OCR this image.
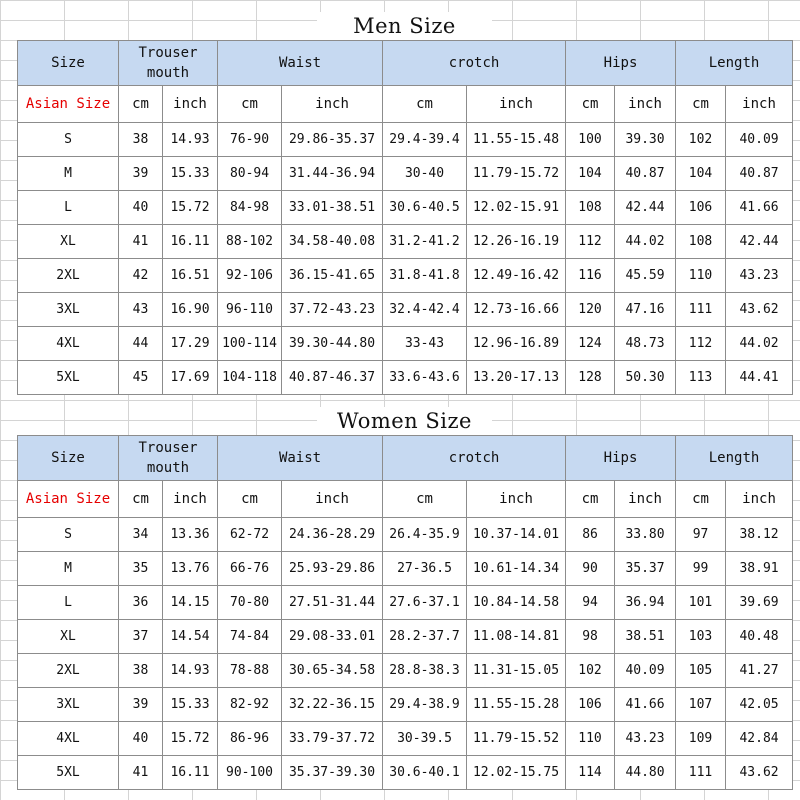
Men Size
Size	Trouser mouth		Waist		crotch		Hips		Length	
Asian Size	cm	inch	cm	inch	cm	inch	cm	inch	cm	inch
S	38	14.93	76-90	29.86-35.37	29.4-39.4	11.55-15.48	100	39.30	102	40.09
M	39	15.33	80-94	31.44-36.94	30-40	11.79-15.72	104	40.87	104	40.87
L	40	15.72	84-98	33.01-38.51	30.6-40.5	12.02-15.91	108	42.44	106	41.66
XL	41	16.11	88-102	34.58-40.08	31.2-41.2	12.26-16.19	112	44.02	108	42.44
2XL	42	16.51	92-106	36.15-41.65	31.8-41.8	12.49-16.42	116	45.59	110	43.23
3XL	43	16.90	96-110	37.72-43.23	32.4-42.4	12.73-16.66	120	47.16	111	43.62
4XL	44	17.29	100-114	39.30-44.80	33-43	12.96-16.89	124	48.73	112	44.02
5XL	45	17.69	104-118	40.87-46.37	33.6-43.6	13.20-17.13	128	50.30	113	44.41
Women Size
Size	Trouser mouth		Waist		crotch		Hips		Length	
Asian Size	cm	inch	cm	inch	cm	inch	cm	inch	cm	inch
S	34	13.36	62-72	24.36-28.29	26.4-35.9	10.37-14.01	86	33.80	97	38.12
M	35	13.76	66-76	25.93-29.86	27-36.5	10.61-14.34	90	35.37	99	38.91
L	36	14.15	70-80	27.51-31.44	27.6-37.1	10.84-14.58	94	36.94	101	39.69
XL	37	14.54	74-84	29.08-33.01	28.2-37.7	11.08-14.81	98	38.51	103	40.48
2XL	38	14.93	78-88	30.65-34.58	28.8-38.3	11.31-15.05	102	40.09	105	41.27
3XL	39	15.33	82-92	32.22-36.15	29.4-38.9	11.55-15.28	106	41.66	107	42.05
4XL	40	15.72	86-96	33.79-37.72	30-39.5	11.79-15.52	110	43.23	109	42.84
5XL	41	16.11	90-100	35.37-39.30	30.6-40.1	12.02-15.75	114	44.80	111	43.62
